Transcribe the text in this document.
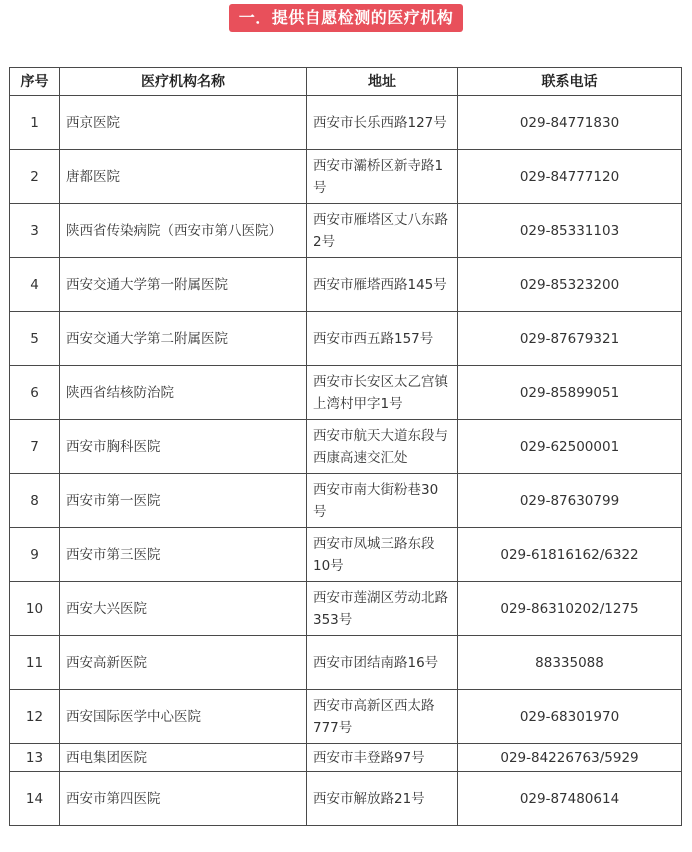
一．提供自愿检测的医疗机构
序号	医疗机构名称	地址	联系电话
1	西京医院	西安市长乐西路127号	029-84771830
2	唐都医院	西安市灞桥区新寺路1号	029-84777120
3	陕西省传染病院（西安市第八医院）	西安市雁塔区丈八东路2号	029-85331103
4	西安交通大学第一附属医院	西安市雁塔西路145号	029-85323200
5	西安交通大学第二附属医院	西安市西五路157号	029-87679321
6	陕西省结核防治院	西安市长安区太乙宫镇上湾村甲字1号	029-85899051
7	西安市胸科医院	西安市航天大道东段与西康高速交汇处	029-62500001
8	西安市第一医院	西安市南大街粉巷30号	029-87630799
9	西安市第三医院	西安市凤城三路东段10号	029-61816162/6322
10	西安大兴医院	西安市莲湖区劳动北路353号	029-86310202/1275
11	西安高新医院	西安市团结南路16号	88335088
12	西安国际医学中心医院	西安市高新区西太路777号	029-68301970
13	西电集团医院	西安市丰登路97号	029-84226763/5929
14	西安市第四医院	西安市解放路21号	029-87480614
